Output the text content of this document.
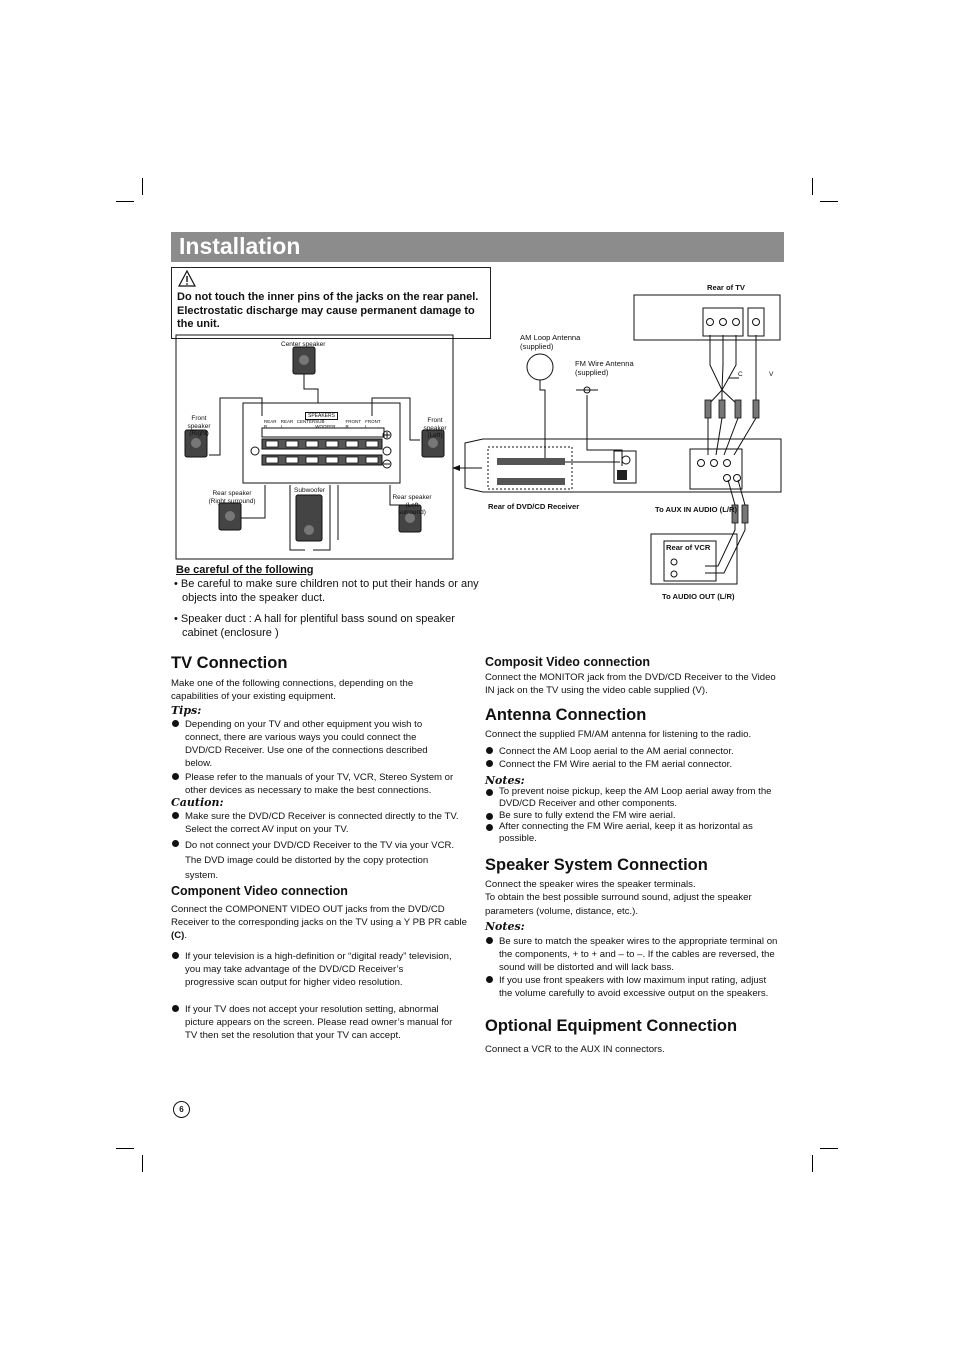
Installation
Do not touch the inner pins of the jacks on the rear panel. Electrostatic discharge may cause permanent damage to the unit.
Center speaker
Front speaker (Right)
Front speaker (Left)
Rear speaker (Right surround)	Rear speaker (Left surround)
Subwoofer
SPEAKERS
REAR R
REAR L
CENTER SUB WOOFER
FRONT R
FRONT L
Be careful of the following
• Be careful to make sure children not to put their hands or any objects into the speaker duct.
• Speaker duct : A hall for plentiful bass sound on speaker cabinet (enclosure )
Rear of TV
AM Loop Antenna (supplied)
FM Wire Antenna (supplied)
Rear of DVD/CD Receiver	To AUX IN AUDIO (L/R)
Rear of VCR
To AUDIO OUT (L/R)
C	V
TV Connection
Make one of the following connections, depending on the capabilities of your existing equipment.
Tips:
Depending on your TV and other equipment you wish to connect, there are various ways you could connect the DVD/CD Receiver. Use one of the connections described below.
Please refer to the manuals of your TV, VCR, Stereo System or other devices as necessary to make the best connections.
Caution:
Make sure the DVD/CD Receiver is connected directly to the TV. Select the correct AV input on your TV.
Do not connect your DVD/CD Receiver to the TV via your VCR. The DVD image could be distorted by the copy protection system.
Component Video connection
Connect the COMPONENT VIDEO OUT jacks from the DVD/CD Receiver to the corresponding jacks on the TV using a Y PB PR cable (C).
If your television is a high-definition or “digital ready” television, you may take advantage of the DVD/CD Receiver’s progressive scan output for higher video resolution.
If your TV does not accept your resolution setting, abnormal picture appears on the screen. Please read owner’s manual for TV then set the resolution that your TV can accept.
Composit Video connection
Connect the MONITOR jack from the DVD/CD Receiver to the Video IN jack on the TV using the video cable supplied (V).
Antenna Connection
Connect the supplied FM/AM antenna for listening to the radio.
Connect the AM Loop aerial to the AM aerial connector.
Connect the FM Wire aerial to the FM aerial connector.
Notes:
To prevent noise pickup, keep the AM Loop aerial away from the DVD/CD Receiver and other components.
Be sure to fully extend the FM wire aerial.
After connecting the FM Wire aerial, keep it as horizontal as possible.
Speaker System Connection
Connect the speaker wires the speaker terminals.
To obtain the best possible surround sound, adjust the speaker parameters (volume, distance, etc.).
Notes:
Be sure to match the speaker wires to the appropriate terminal on the components, + to + and – to –. If the cables are reversed, the sound will be distorted and will lack bass.
If you use front speakers with low maximum input rating, adjust the volume carefully to avoid excessive output on the speakers.
Optional Equipment Connection
Connect a VCR to the AUX IN connectors.
6
